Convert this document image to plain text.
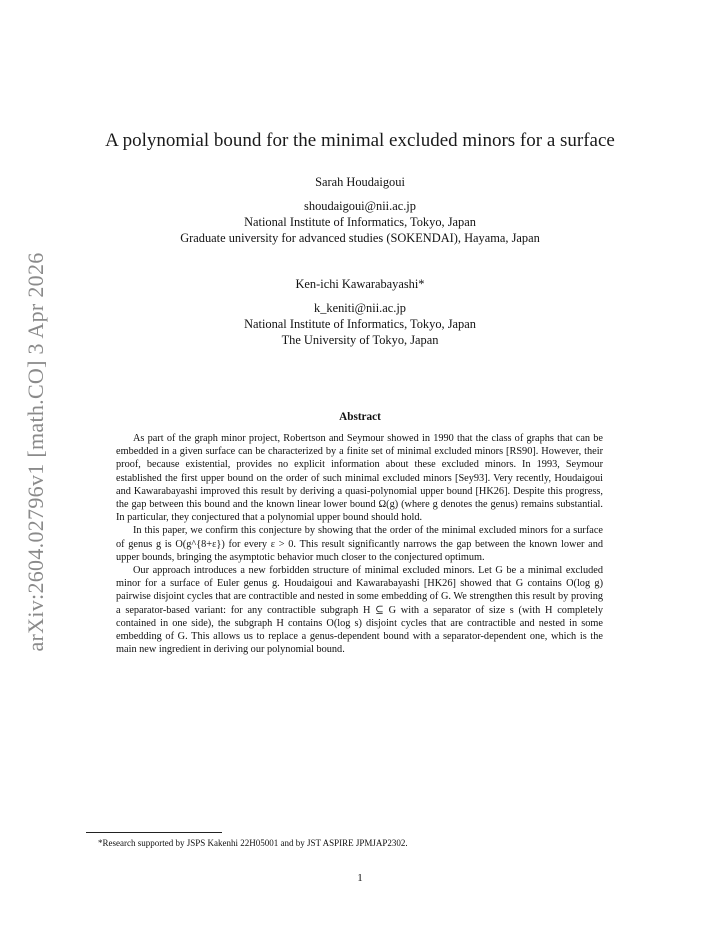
arXiv:2604.02796v1 [math.CO] 3 Apr 2026
A polynomial bound for the minimal excluded minors for a surface
Sarah Houdaigoui
shoudaigoui@nii.ac.jp
National Institute of Informatics, Tokyo, Japan
Graduate university for advanced studies (SOKENDAI), Hayama, Japan
Ken-ichi Kawarabayashi*
k_keniti@nii.ac.jp
National Institute of Informatics, Tokyo, Japan
The University of Tokyo, Japan
Abstract

As part of the graph minor project, Robertson and Seymour showed in 1990 that the class of graphs that can be embedded in a given surface can be characterized by a finite set of minimal excluded minors [RS90]. However, their proof, because existential, provides no explicit information about these excluded minors. In 1993, Seymour established the first upper bound on the order of such minimal excluded minors [Sey93]. Very recently, Houdaigoui and Kawarabayashi improved this result by deriving a quasi-polynomial upper bound [HK26]. Despite this progress, the gap between this bound and the known linear lower bound Ω(g) (where g denotes the genus) remains substantial. In particular, they conjectured that a polynomial upper bound should hold.

In this paper, we confirm this conjecture by showing that the order of the minimal excluded minors for a surface of genus g is O(g^{8+ε}) for every ε > 0. This result significantly narrows the gap between the known lower and upper bounds, bringing the asymptotic behavior much closer to the conjectured optimum.

Our approach introduces a new forbidden structure of minimal excluded minors. Let G be a minimal excluded minor for a surface of Euler genus g. Houdaigoui and Kawarabayashi [HK26] showed that G contains O(log g) pairwise disjoint cycles that are contractible and nested in some embedding of G. We strengthen this result by proving a separator-based variant: for any contractible subgraph H ⊆ G with a separator of size s (with H completely contained in one side), the subgraph H contains O(log s) disjoint cycles that are contractible and nested in some embedding of G. This allows us to replace a genus-dependent bound with a separator-dependent one, which is the main new ingredient in deriving our polynomial bound.

*Research supported by JSPS Kakenhi 22H05001 and by JST ASPIRE JPMJAP2302.
1
